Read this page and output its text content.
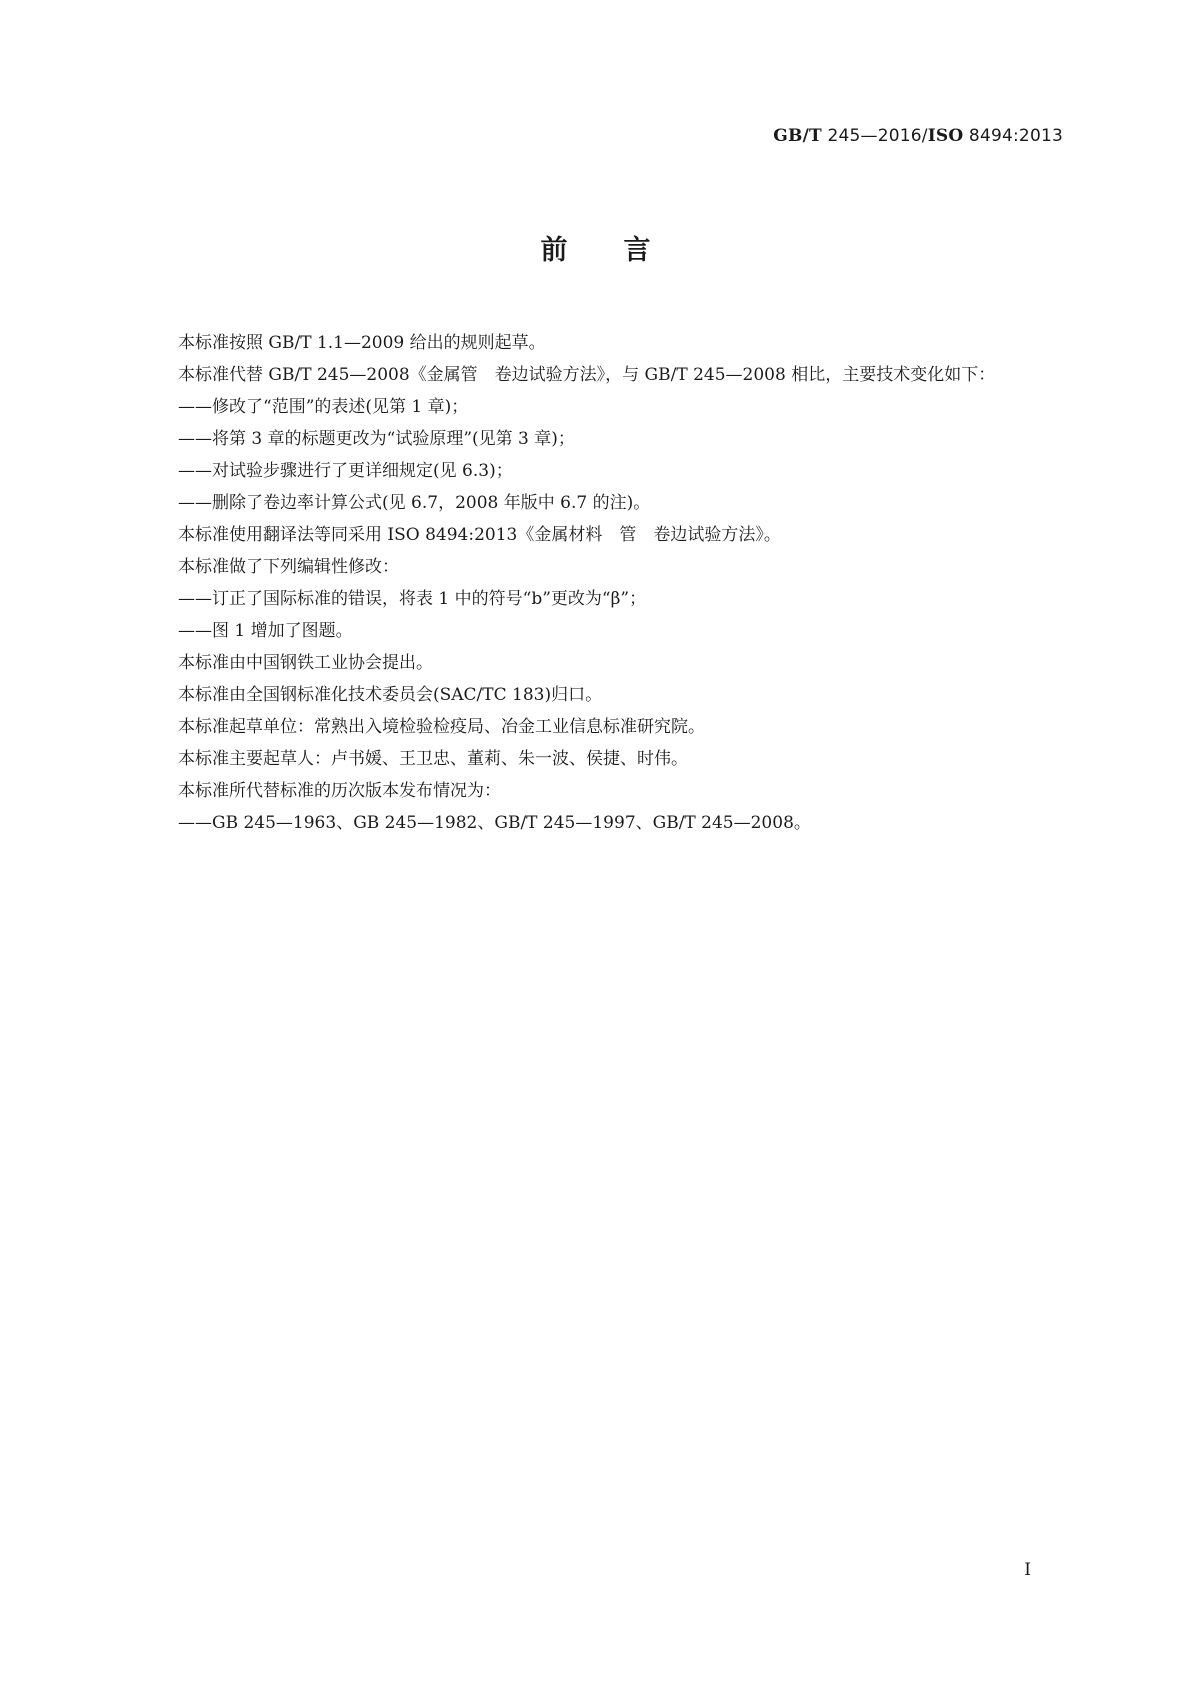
GB/T 245—2016/ISO 8494:2013
前 言

本标准按照 GB/T 1.1—2009 给出的规则起草。

本标准代替 GB/T 245—2008《金属管　卷边试验方法》，与 GB/T 245—2008 相比，主要技术变化如下：

——修改了“范围”的表述(见第 1 章)；

——将第 3 章的标题更改为“试验原理”(见第 3 章)；

——对试验步骤进行了更详细规定(见 6.3)；

——删除了卷边率计算公式(见 6.7，2008 年版中 6.7 的注)。

本标准使用翻译法等同采用 ISO 8494:2013《金属材料　管　卷边试验方法》。

本标准做了下列编辑性修改：

——订正了国际标准的错误，将表 1 中的符号“b”更改为“β”；

——图 1 增加了图题。

本标准由中国钢铁工业协会提出。

本标准由全国钢标准化技术委员会(SAC/TC 183)归口。

本标准起草单位：常熟出入境检验检疫局、冶金工业信息标准研究院。

本标准主要起草人：卢书媛、王卫忠、董莉、朱一波、侯捷、时伟。

本标准所代替标准的历次版本发布情况为：

——GB 245—1963、GB 245—1982、GB/T 245—1997、GB/T 245—2008。

I
